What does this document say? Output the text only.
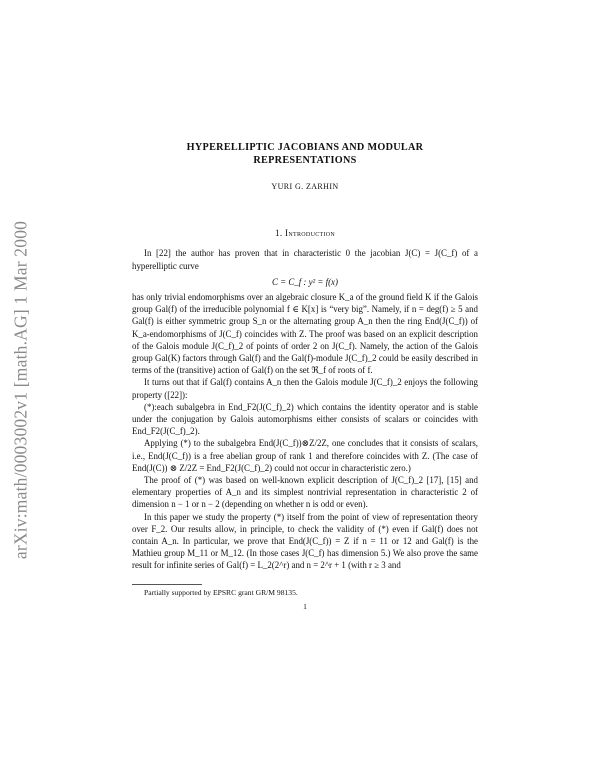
arXiv:math/0003002v1 [math.AG] 1 Mar 2000
HYPERELLIPTIC JACOBIANS AND MODULAR
REPRESENTATIONS
YURI G. ZARHIN
1. Introduction

In [22] the author has proven that in characteristic 0 the jacobian J(C) = J(C_f) of a hyperelliptic curve

C = C_f : y² = f(x)

has only trivial endomorphisms over an algebraic closure K_a of the ground field K if the Galois group Gal(f) of the irreducible polynomial f ∈ K[x] is “very big”. Namely, if n = deg(f) ≥ 5 and Gal(f) is either symmetric group S_n or the alternating group A_n then the ring End(J(C_f)) of K_a-endomorphisms of J(C_f) coincides with Z. The proof was based on an explicit description of the Galois module J(C_f)_2 of points of order 2 on J(C_f). Namely, the action of the Galois group Gal(K) factors through Gal(f) and the Gal(f)-module J(C_f)_2 could be easily described in terms of the (transitive) action of Gal(f) on the set ℜ_f of roots of f.

It turns out that if Gal(f) contains A_n then the Galois module J(C_f)_2 enjoys the following property ([22]):

(*):each subalgebra in End_F2(J(C_f)_2) which contains the identity operator and is stable under the conjugation by Galois automorphisms either consists of scalars or coincides with End_F2(J(C_f)_2).

Applying (*) to the subalgebra End(J(C_f))⊗Z/2Z, one concludes that it consists of scalars, i.e., End(J(C_f)) is a free abelian group of rank 1 and therefore coincides with Z. (The case of End(J(C)) ⊗ Z/2Z = End_F2(J(C_f)_2) could not occur in characteristic zero.)

The proof of (*) was based on well-known explicit description of J(C_f)_2 [17], [15] and elementary properties of A_n and its simplest nontrivial representation in characteristic 2 of dimension n − 1 or n − 2 (depending on whether n is odd or even).

In this paper we study the property (*) itself from the point of view of representation theory over F_2. Our results allow, in principle, to check the validity of (*) even if Gal(f) does not contain A_n. In particular, we prove that End(J(C_f)) = Z if n = 11 or 12 and Gal(f) is the Mathieu group M_11 or M_12. (In those cases J(C_f) has dimension 5.) We also prove the same result for infinite series of Gal(f) = L_2(2^r) and n = 2^r + 1 (with r ≥ 3 and

Partially supported by EPSRC grant GR/M 98135.
1
